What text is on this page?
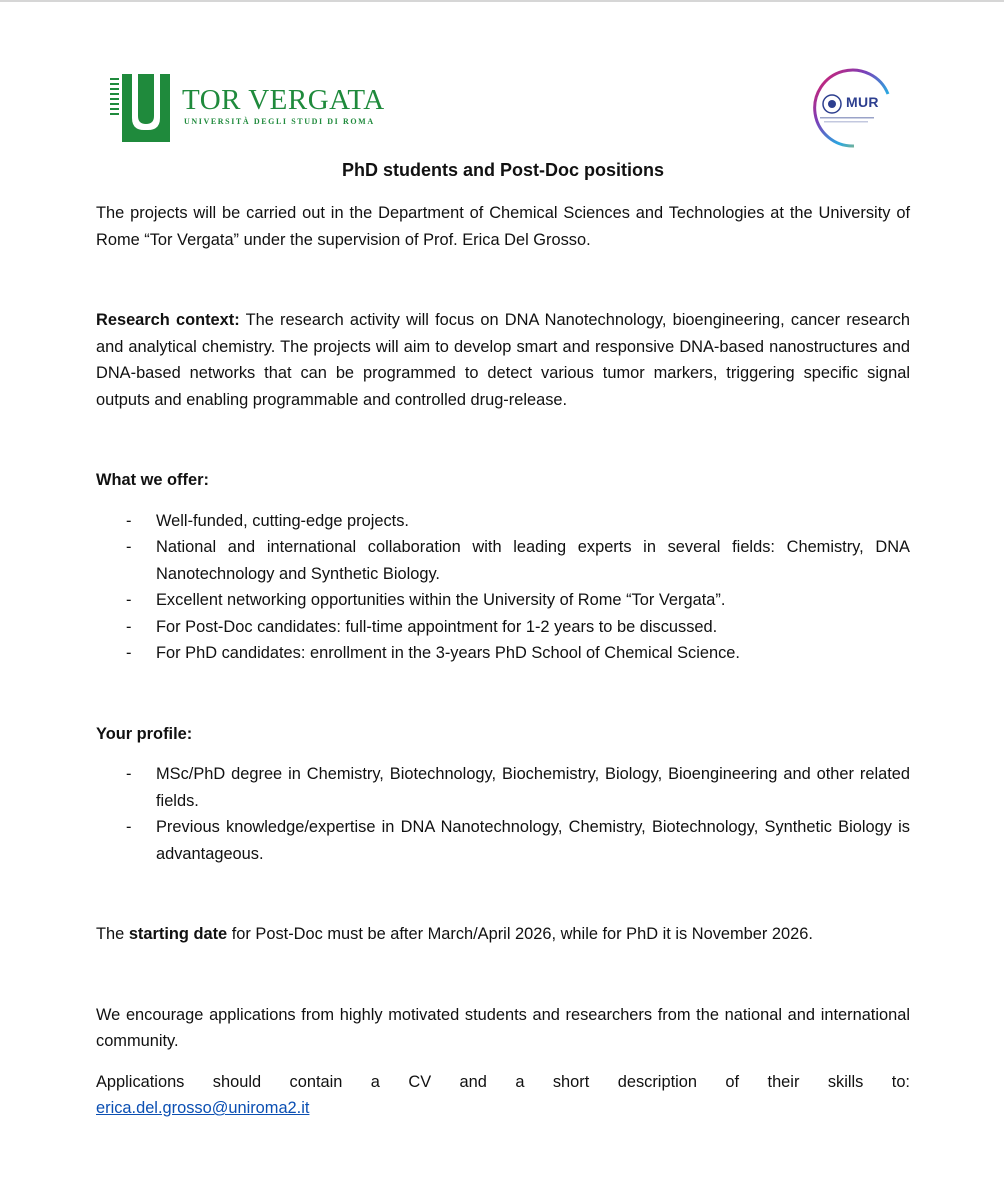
TOR VERGATA
UNIVERSITÀ DEGLI STUDI DI ROMA
MUR
PhD students and Post-Doc positions

The projects will be carried out in the Department of Chemical Sciences and Technologies at the University of Rome “Tor Vergata” under the supervision of Prof. Erica Del Grosso.

Research context: The research activity will focus on DNA Nanotechnology, bioengineering, cancer research and analytical chemistry. The projects will aim to develop smart and responsive DNA-based nanostructures and DNA-based networks that can be programmed to detect various tumor markers, triggering specific signal outputs and enabling programmable and controlled drug-release.

What we offer:
- Well-funded, cutting-edge projects.
- National and international collaboration with leading experts in several fields: Chemistry, DNA Nanotechnology and Synthetic Biology.
- Excellent networking opportunities within the University of Rome “Tor Vergata”.
- For Post-Doc candidates: full-time appointment for 1-2 years to be discussed.
- For PhD candidates: enrollment in the 3-years PhD School of Chemical Science.
Your profile:
- MSc/PhD degree in Chemistry, Biotechnology, Biochemistry, Biology, Bioengineering and other related fields.
- Previous knowledge/expertise in DNA Nanotechnology, Chemistry, Biotechnology, Synthetic Biology is advantageous.

The starting date for Post-Doc must be after March/April 2026, while for PhD it is November 2026.

We encourage applications from highly motivated students and researchers from the national and international community.

Applications should contain a CV and a short description of their skills to:

erica.del.grosso@uniroma2.it
